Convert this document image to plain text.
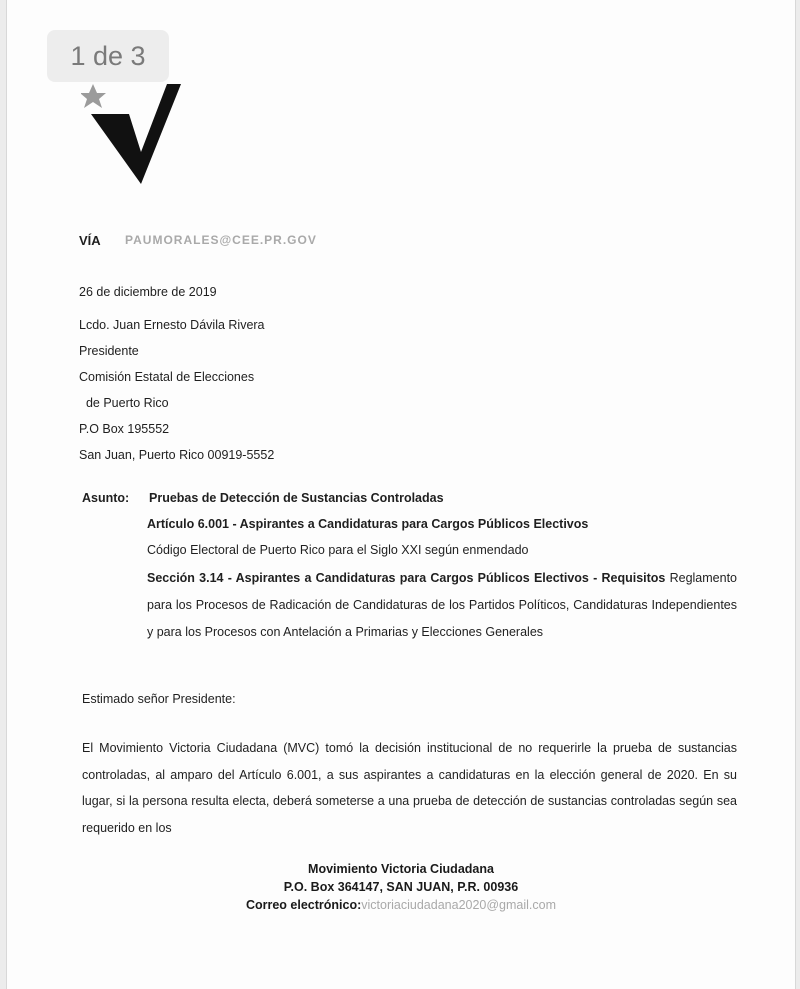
1 de 3
VÍA PAUMORALES@CEE.PR.GOV
26 de diciembre de 2019
Lcdo. Juan Ernesto Dávila Rivera
Presidente
Comisión Estatal de Elecciones
de Puerto Rico
P.O Box 195552
San Juan, Puerto Rico 00919-5552
Asunto: Pruebas de Detección de Sustancias Controladas
Artículo 6.001 - Aspirantes a Candidaturas para Cargos Públicos Electivos
Código Electoral de Puerto Rico para el Siglo XXI según enmendado
Sección 3.14 - Aspirantes a Candidaturas para Cargos Públicos Electivos - Requisitos Reglamento para los Procesos de Radicación de Candidaturas de los Partidos Políticos, Candidaturas Independientes y para los Procesos con Antelación a Primarias y Elecciones Generales
Estimado señor Presidente:
El Movimiento Victoria Ciudadana (MVC) tomó la decisión institucional de no requerirle la prueba de sustancias controladas, al amparo del Artículo 6.001, a sus aspirantes a candidaturas en la elección general de 2020. En su lugar, si la persona resulta electa, deberá someterse a una prueba de detección de sustancias controladas según sea requerido en los
Movimiento Victoria Ciudadana
P.O. Box 364147, SAN JUAN, P.R. 00936
Correo electrónico:victoriaciudadana2020@gmail.com
